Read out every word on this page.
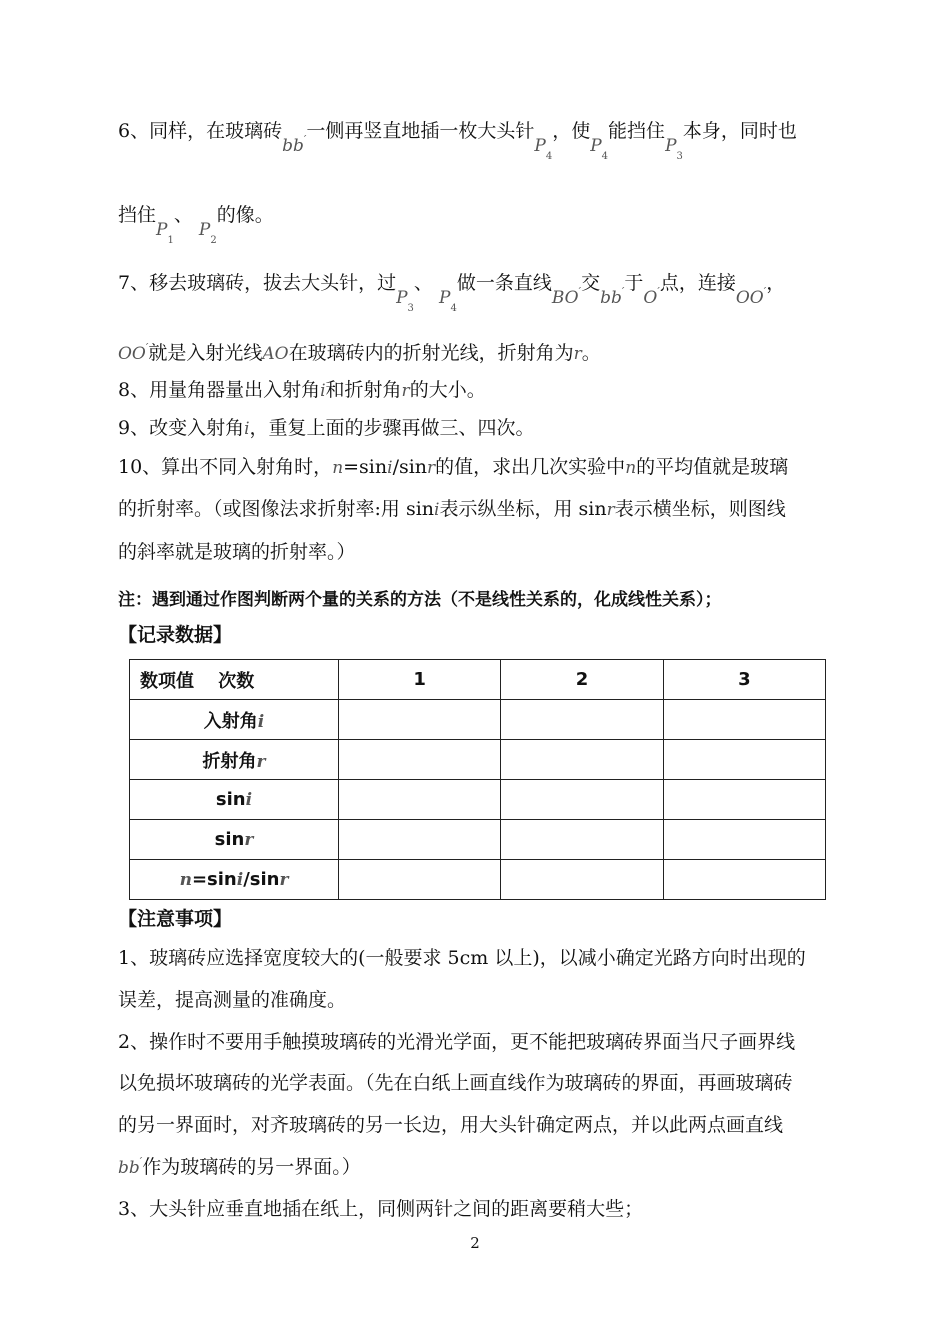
6、同样，在玻璃砖bb′一侧再竖直地插一枚大头针$P_4$，使$P_4$能挡住$P_3$本身，同时也
挡住$P_1$、 $P_2$的像。
7、移去玻璃砖，拔去大头针，过$P_3$、 $P_4$做一条直线BO′交bb′于O′点，连接OO′，
OO′就是入射光线AO在玻璃砖内的折射光线，折射角为r。
8、用量角器量出入射角i和折射角r的大小。
9、改变入射角i，重复上面的步骤再做三、四次。
10、算出不同入射角时，n=sini/sinr的值，求出几次实验中n的平均值就是玻璃
的折射率。（或图像法求折射率:用 sini表示纵坐标，用 sinr表示横坐标，则图线
的斜率就是玻璃的折射率。）
注：遇到通过作图判断两个量的关系的方法（不是线性关系的，化成线性关系）；
【记录数据】
数项值　 次数	1	2	3
入射角i			
折射角r			
sini			
sinr			
n=sini/sinr			
【注意事项】
1、玻璃砖应选择宽度较大的(一般要求 5cm 以上)，以减小确定光路方向时出现的
误差，提高测量的准确度。
2、操作时不要用手触摸玻璃砖的光滑光学面，更不能把玻璃砖界面当尺子画界线
以免损坏玻璃砖的光学表面。（先在白纸上画直线作为玻璃砖的界面，再画玻璃砖
的另一界面时，对齐玻璃砖的另一长边，用大头针确定两点，并以此两点画直线
bb′作为玻璃砖的另一界面。）
3、大头针应垂直地插在纸上，同侧两针之间的距离要稍大些；
2
